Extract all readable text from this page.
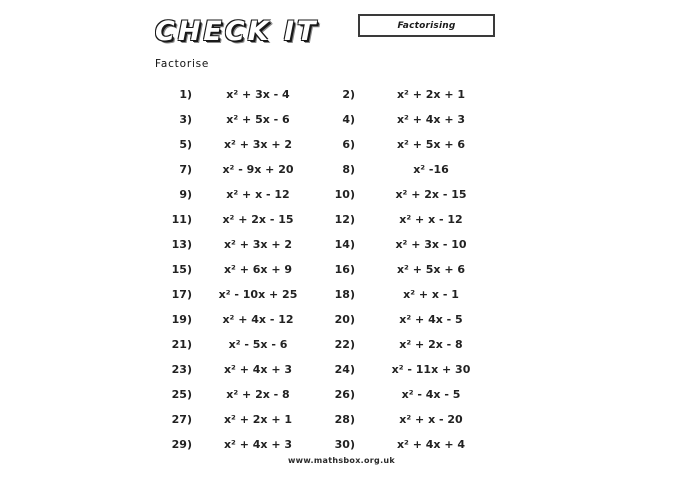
CHECK IT	Factorising
Factorise
1)	x² + 3x - 4	2)	x² + 2x + 1
3)	x² + 5x - 6	4)	x² + 4x + 3
5)	x² + 3x + 2	6)	x² + 5x + 6
7)	x² - 9x + 20	8)	x² -16
9)	x² + x - 12	10)	x² + 2x - 15
11)	x² + 2x - 15	12)	x² + x - 12
13)	x² + 3x + 2	14)	x² + 3x - 10
15)	x² + 6x + 9	16)	x² + 5x + 6
17)	x² - 10x + 25	18)	x² + x - 1
19)	x² + 4x - 12	20)	x² + 4x - 5
21)	x² - 5x - 6	22)	x² + 2x - 8
23)	x² + 4x + 3	24)	x² - 11x + 30
25)	x² + 2x - 8	26)	x² - 4x - 5
27)	x² + 2x + 1	28)	x² + x - 20
29)	x² + 4x + 3	30)	x² + 4x + 4
www.mathsbox.org.uk
